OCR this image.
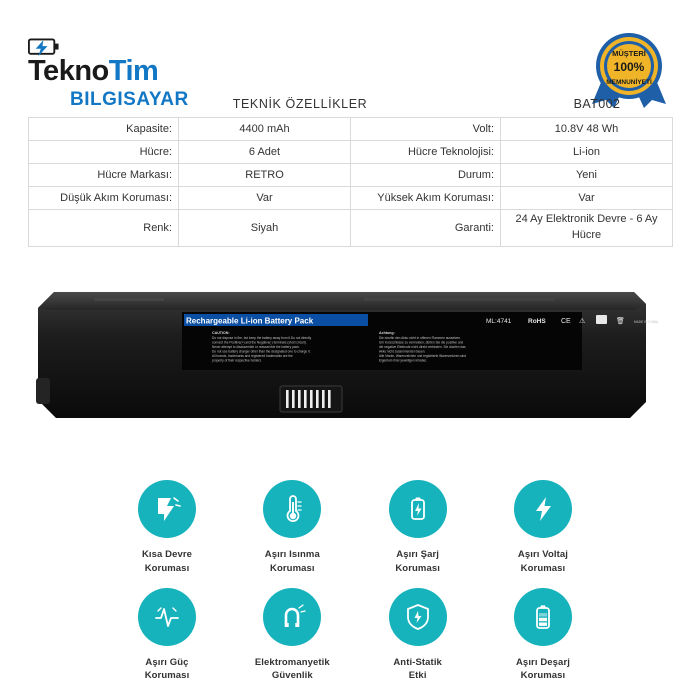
TeknoTim
BILGISAYAR
MÜŞTERİ
100%
MEMNUNİYETİ
TEKNİK ÖZELLİKLER	BAT002
Kapasite:	4400 mAh	Volt:	10.8V 48 Wh
Hücre:	6 Adet	Hücre Teknolojisi:	Li-ion
Hücre Markası:	RETRO	Durum:	Yeni
Düşük Akım Koruması:	Var	Yüksek Akım Koruması:	Var
Renk:	Siyah	Garanti:	24 Ay Elektronik Devre - 6 Ay Hücre
Rechargeable Li-ion Battery Pack
CAUTION:
Do not dispose in fire, but keep the battery away from it.Do not directly
connect the Positive(+) and the Negative(-) terminals (short circuit).
Never attempt to disassemble or reassemble the battery pack.
Do not use battery charger other than the designated one to charge it.
All brands, trademarks and registered trademarks are the
property of their respective holders.
Achtung:
Die dosrfin den Akku nicht in offenen Flammen ausselzen.
Um Kurzschlüsse zu vermeiden, dürfen Sie die positive und
die negative Elektrode nicht direkt verbinden. Sie dosrfen das
Akku nicht zusammender bauen.
Alle Marke, Warenzeichen und registrierte Warenzeichen sind
Eigentum ihrer jeweiligen Inhaber.
ML:4741	RoHS CE ⚠	🗑	MADE IN CHINA
Kısa Devre
Koruması
Aşırı Isınma
Koruması
Aşırı Şarj
Koruması
Aşırı Voltaj
Koruması
Aşırı Güç
Koruması
Elektromanyetik
Güvenlik
Anti-Statik
Etki
Aşırı Deşarj
Koruması
